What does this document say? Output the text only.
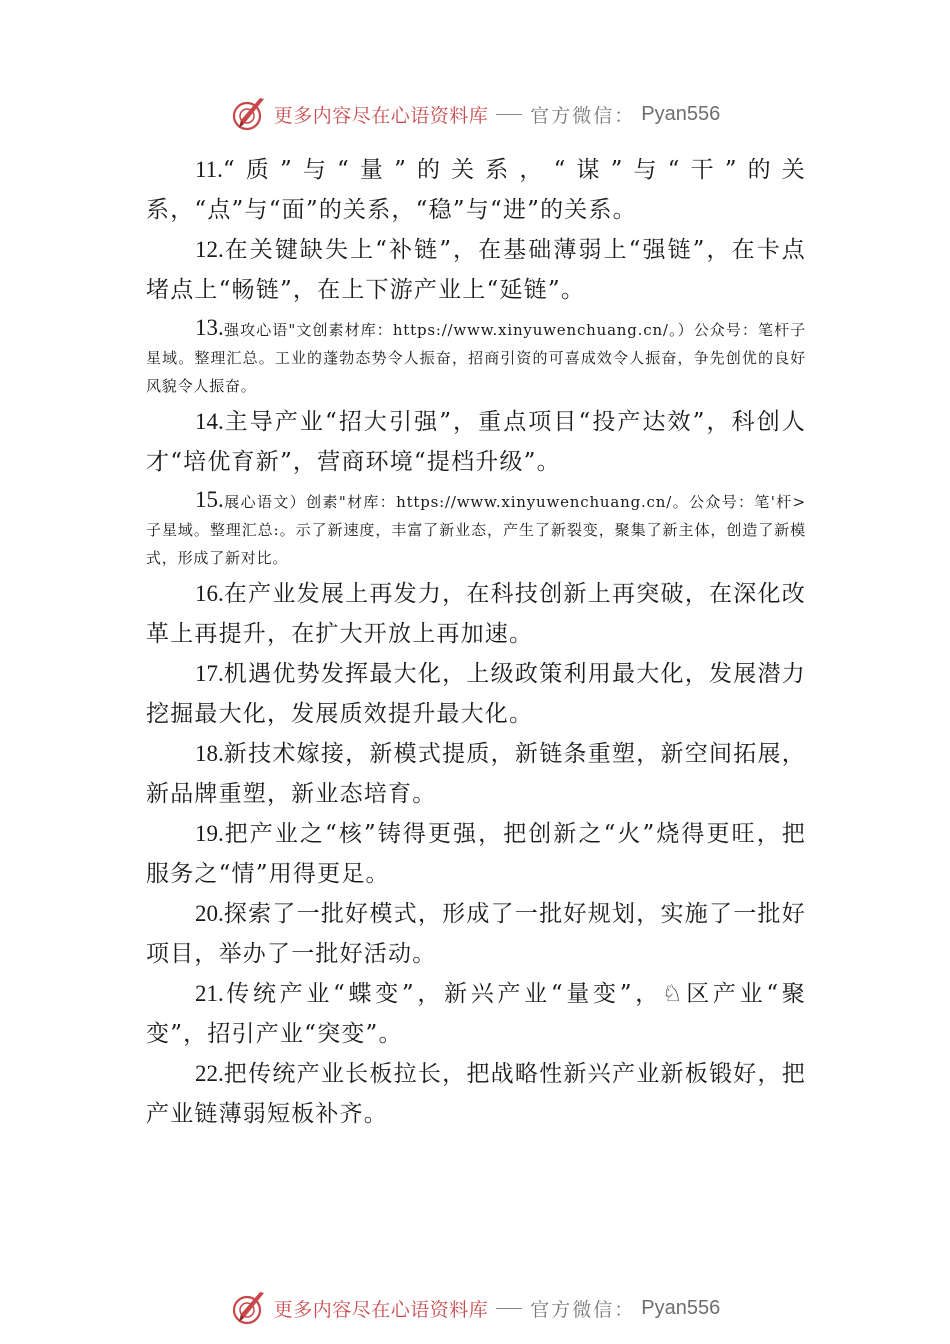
更多内容尽在心语资料库 官方微信： Pyan556

11.“质”与“量”的关系，“谋”与“干”的关系，“点”与“面”的关系，“稳”与“进”的关系。

12.在关键缺失上“补链”，在基础薄弱上“强链”，在卡点堵点上“畅链”，在上下游产业上“延链”。

13.强攻心语"文创素材库：https://www.xinyuwenchuang.cn/。）公众号：笔杆子星域。整理汇总。工业的蓬勃态势令人振奋，招商引资的可喜成效令人振奋，争先创优的良好风貌令人振奋。

14.主导产业“招大引强”，重点项目“投产达效”，科创人才“培优育新”，营商环境“提档升级”。

15.展心语文）创素"材库：https://www.xinyuwenchuang.cn/。公众号：笔'杆>子星域。整理汇总:。示了新速度，丰富了新业态，产生了新裂变，聚集了新主体，创造了新模式，形成了新对比。

16.在产业发展上再发力，在科技创新上再突破，在深化改革上再提升，在扩大开放上再加速。

17.机遇优势发挥最大化，上级政策利用最大化，发展潜力挖掘最大化，发展质效提升最大化。

18.新技术嫁接，新模式提质，新链条重塑，新空间拓展，新品牌重塑，新业态培育。

19.把产业之“核”铸得更强，把创新之“火”烧得更旺，把服务之“情”用得更足。

20.探索了一批好模式，形成了一批好规划，实施了一批好项目，举办了一批好活动。

21.传统产业“蝶变”，新兴产业“量变”，♘区产业“聚变”，招引产业“突变”。

22.把传统产业长板拉长，把战略性新兴产业新板锻好，把产业链薄弱短板补齐。

更多内容尽在心语资料库 官方微信： Pyan556
